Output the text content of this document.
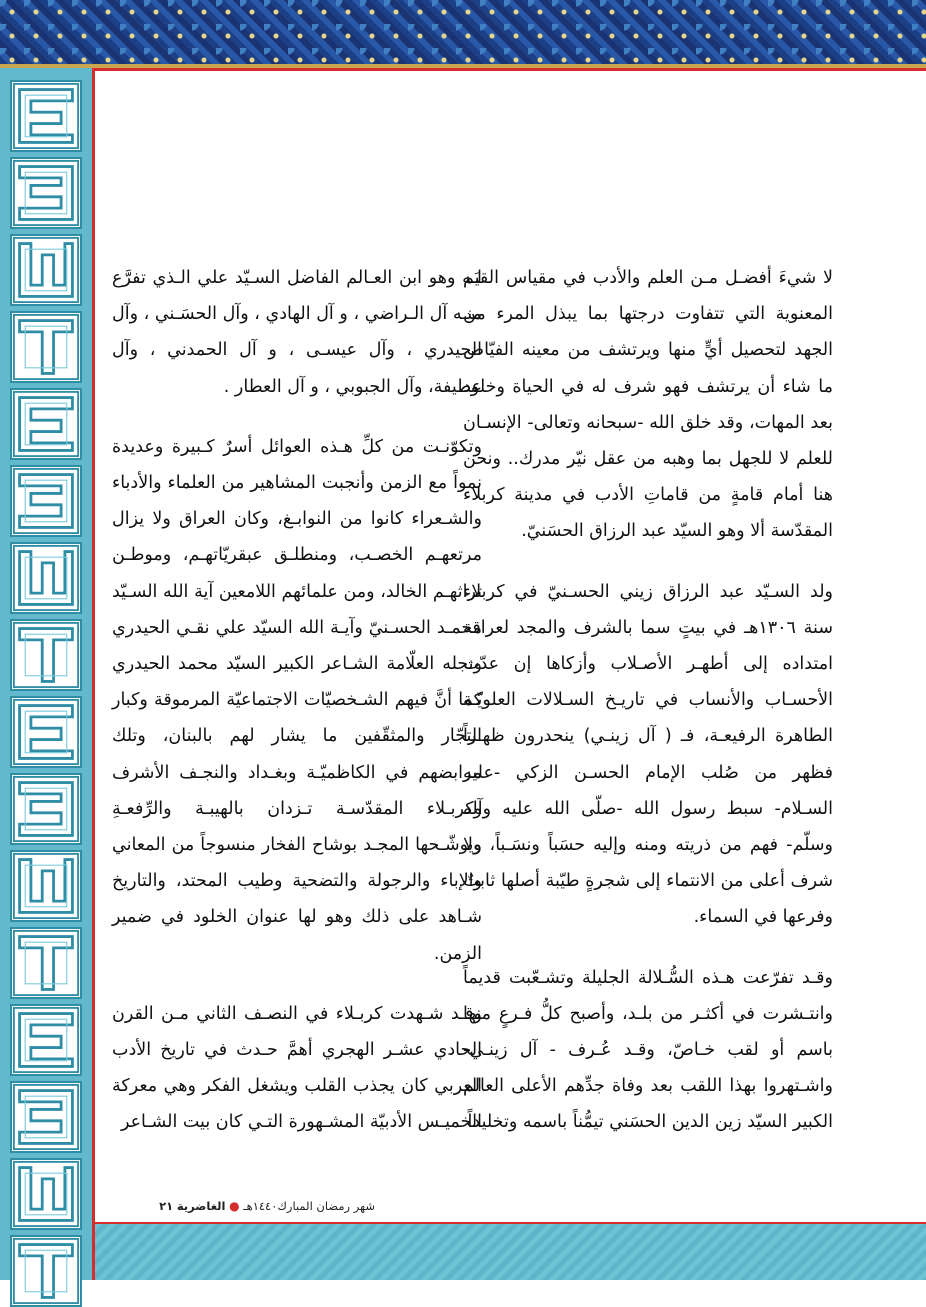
لا شيءَ أفضـل مـن العلم والأدب في مقياس القيَم المعنوية التي تتفاوت درجتها بما يبذل المرء من الجهد لتحصيل أيٍّ منها ويرتشف من معينه الفيّاض ما شاء أن يرتشف فهو شرف له في الحياة وخلود بعد المهات، وقد خلق الله -سبحانه وتعالى- الإنسـان للعلم لا للجهل بما وهبه من عقل نيّر مدرك.. ونحن هنا أمام قامةٍ من قاماتِ الأدب في مدينة كربلاء المقدّسة ألا وهو السيّد عبد الرزاق الحسَنيّ.

ولد السـيّد عبد الرزاق زيني الحسـنيّ في كربلاء سنة ١٣٠٦هـ في بيتٍ سما بالشرف والمجد لعراقة امتداده إلى أطهـر الأصـلاب وأزكاها إن عدّت الأحسـاب والأنساب في تاريـخ السـلالات العلويّـة الطاهرة الرفيعـة، فـ ( آل زينـي) ينحدرون ظهـراً فظهر من صُلب الإمام الحسـن الزكي -عليه السـلام- سبط رسول الله -صلّى الله عليه وآله وسلّم- فهم من ذريته ومنه وإليه حسَباً ونسَـباً، ولا شرف أعلى من الانتماء إلى شجرةٍ طيّبة أصلها ثابتٌ وفرعها في السماء.

وقـد تفرّعت هـذه السُّـلالة الجليلة وتشـعّبت قديماً وانتـشرت في أكثـر من بلـد، وأصبح كلُّ فـرعٍ منها باسم أو لقب خـاصّ، وقـد عُـرف - آل زينـي- واشـتهروا بهذا اللقب بعد وفاة جدِّهم الأعلى العالم الكبير السيّد زين الدين الحسَني تيمُّناً باسمه وتخليداً

لـه وهو ابن العـالم الفاضل السـيّد علي الـذي تفرَّع منـه آل الـراضي ، و آل الهادي ، وآل الحسَـني ، وآل الحيدري ، وآل عيسـى ، و آل الحمدني ، وآل عطيفة، وآل الجبوبي ، و آل العطار .

وتكوّنـت من كلِّ هـذه العوائل أسرٌ كـبيرة وعديدة نمواً مع الزمن وأنجبت المشاهير من العلماء والأدباء والشـعراء كانوا من النوابـغ، وكان العراق ولا يزال مرتعهـم الخصـب، ومنطلـق عبقريّاتهـم، وموطـن تراثهـم الخالد، ومن علمائهم اللامعين آية الله السـيّد محمـد الحسـنيّ وآيـة الله السيّد علي نقـي الحيدري ونجله العلّامة الشـاعر الكبير السيّد محمد الحيدري كما أنَّ فيهم الشـخصيّات الاجتماعيّة المرموقة وكبار التجّار والمثقّفين ما يشار لهم بالبنان، وتلك مرابضهم في الكاظميّـة وبغـداد والنجـف الأشرف وكربـلاء المقدّسـة تـزدان بالهيبـة والرِّفعـةِ ويوشّـحها المجـد بوشاح الفخار منسوجاً من المعاني والإباء والرجولة والتضحية وطيب المحتد، والتاريخ شـاهد على ذلك وهو لها عنوان الخلود في ضمير الزمن.

وقـد شـهدت كربـلاء في النصـف الثاني مـن القرن الحادي عشـر الهجري أهمَّ حـدث في تاريخ الأدب العربي كان يجذب القلب ويشغل الفكر وهي معركة الخميـس الأدبيّة المشـهورة التـي كان بيت الشـاعر

شهر رمضان المبارك١٤٤٠هـ ● الغاضرية ٢١
